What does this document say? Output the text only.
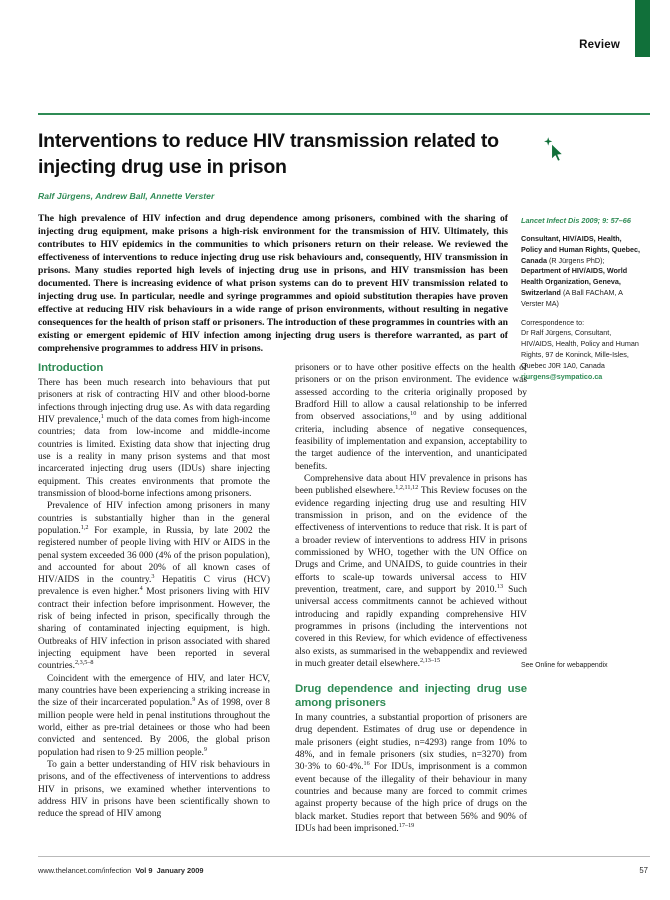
Review
Interventions to reduce HIV transmission related to injecting drug use in prison
Ralf Jürgens, Andrew Ball, Annette Verster
The high prevalence of HIV infection and drug dependence among prisoners, combined with the sharing of injecting drug equipment, make prisons a high-risk environment for the transmission of HIV. Ultimately, this contributes to HIV epidemics in the communities to which prisoners return on their release. We reviewed the effectiveness of interventions to reduce injecting drug use risk behaviours and, consequently, HIV transmission in prisons. Many studies reported high levels of injecting drug use in prisons, and HIV transmission has been documented. There is increasing evidence of what prison systems can do to prevent HIV transmission related to injecting drug use. In particular, needle and syringe programmes and opioid substitution therapies have proven effective at reducing HIV risk behaviours in a wide range of prison environments, without resulting in negative consequences for the health of prison staff or prisoners. The introduction of these programmes in countries with an existing or emergent epidemic of HIV infection among injecting drug users is therefore warranted, as part of comprehensive programmes to address HIV in prisons.
Lancet Infect Dis 2009; 9: 57–66
Consultant, HIV/AIDS, Health, Policy and Human Rights, Quebec, Canada (R Jürgens PhD); Department of HIV/AIDS, World Health Organization, Geneva, Switzerland (A Ball FAChAM, A Verster MA)
Correspondence to:
Dr Ralf Jürgens, Consultant, HIV/AIDS, Health, Policy and Human Rights, 97 de Koninck, Mille-Isles, Quebec J0R 1A0, Canada
rjurgens@sympatico.ca
See Online for webappendix
Introduction

There has been much research into behaviours that put prisoners at risk of contracting HIV and other blood-borne infections through injecting drug use. As with data regarding HIV prevalence,$^1$ much of the data comes from high-income countries; data from low-income and middle-income countries is limited. Existing data show that injecting drug use is a reality in many prison systems and that most incarcerated injecting drug users (IDUs) share injecting equipment. This creates environments that promote the transmission of blood-borne infections among prisoners.

Prevalence of HIV infection among prisoners in many countries is substantially higher than in the general population.$^{1,2}$ For example, in Russia, by late 2002 the registered number of people living with HIV or AIDS in the penal system exceeded 36 000 (4% of the prison population), and accounted for about 20% of all known cases of HIV/AIDS in the country.$^3$ Hepatitis C virus (HCV) prevalence is even higher.$^4$ Most prisoners living with HIV contract their infection before imprisonment. However, the risk of being infected in prison, specifically through the sharing of contaminated injecting equipment, is high. Outbreaks of HIV infection in prison associated with shared injecting equipment have been reported in several countries.$^{2,3,5-8}$

Coincident with the emergence of HIV, and later HCV, many countries have been experiencing a striking increase in the size of their incarcerated population.$^9$ As of 1998, over 8 million people were held in penal institutions throughout the world, either as pre-trial detainees or those who had been convicted and sentenced. By 2006, the global prison population had risen to 9·25 million people.$^9$

To gain a better understanding of HIV risk behaviours in prisons, and of the effectiveness of interventions to address HIV in prisons, we examined whether interventions to address HIV in prisons have been scientifically shown to reduce the spread of HIV among

prisoners or to have other positive effects on the health of prisoners or on the prison environment. The evidence was assessed according to the criteria originally proposed by Bradford Hill to allow a causal relationship to be inferred from observed associations,$^{10}$ and by using additional criteria, including absence of negative consequences, feasibility of implementation and expansion, acceptability to the target audience of the intervention, and unanticipated benefits.

Comprehensive data about HIV prevalence in prisons has been published elsewhere.$^{1,2,11,12}$ This Review focuses on the evidence regarding injecting drug use and resulting HIV transmission in prison, and on the evidence of the effectiveness of interventions to reduce that risk. It is part of a broader review of interventions to address HIV in prisons commissioned by WHO, together with the UN Office on Drugs and Crime, and UNAIDS, to guide countries in their efforts to scale-up towards universal access to HIV prevention, treatment, care, and support by 2010.13 Such universal access commitments cannot be achieved without introducing and rapidly expanding comprehensive HIV programmes in prisons (including the interventions not covered in this Review, for which evidence of effectiveness also exists, as summarised in the webappendix and reviewed in much greater detail elsewhere.$^{2,13-15}$

Drug dependence and injecting drug use among prisoners

In many countries, a substantial proportion of prisoners are drug dependent. Estimates of drug use or dependence in male prisoners (eight studies, n=4293) range from 10% to 48%, and in female prisoners (six studies, n=3270) from 30·3% to 60·4%.$^{16}$ For IDUs, imprisonment is a common event because of the illegality of their behaviour in many countries and because many are forced to commit crimes against property because of the high price of drugs on the black market. Studies report that between 56% and 90% of IDUs had been imprisoned.$^{17-19}$

www.thelancet.com/infection Vol 9 January 2009	57
